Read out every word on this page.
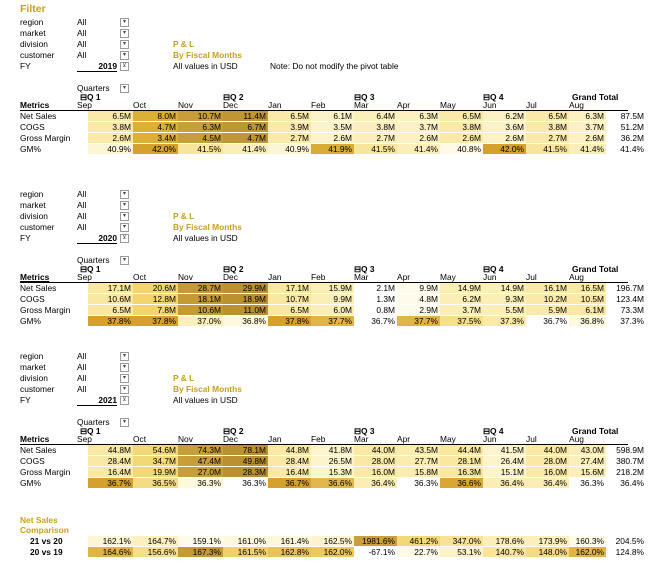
Filter
region	All	▾
market	All	▾
division	All	▾
customer	All	▾
FY	2019 ⊻
P & L
By Fiscal Months
All values in USD	Note: Do not modify the pivot table
Quarters	▾
⊟Q 1	⊟Q 2	⊟Q 3	⊟Q 4	Grand Total
Metrics	Sep	Oct	Nov	Dec	Jan	Feb	Mar	Apr	May	Jun	Jul	Aug
Net Sales	6.5M	8.0M	10.7M	11.4M	6.5M	6.1M	6.4M	6.3M	6.5M	6.2M	6.5M	6.3M	87.5M
COGS	3.8M	4.7M	6.3M	6.7M	3.9M	3.5M	3.8M	3.7M	3.8M	3.6M	3.8M	3.7M	51.2M
Gross Margin	2.6M	3.4M	4.5M	4.7M	2.7M	2.6M	2.7M	2.6M	2.6M	2.6M	2.7M	2.6M	36.2M
GM%	40.9%	42.0%	41.5%	41.4%	40.9%	41.9%	41.5%	41.4%	40.8%	42.0%	41.5%	41.4%	41.4%
region	All	▾
market	All	▾
division	All	▾
customer	All	▾
FY	2020 ⊻
P & L
By Fiscal Months
All values in USD
Quarters	▾
⊟Q 1	⊟Q 2	⊟Q 3	⊟Q 4	Grand Total
Metrics	Sep	Oct	Nov	Dec	Jan	Feb	Mar	Apr	May	Jun	Jul	Aug
Net Sales	17.1M	20.6M	28.7M	29.9M	17.1M	15.9M	2.1M	9.9M	14.9M	14.9M	16.1M	16.5M	196.7M
COGS	10.6M	12.8M	18.1M	18.9M	10.7M	9.9M	1.3M	4.8M	6.2M	9.3M	10.2M	10.5M	123.4M
Gross Margin	6.5M	7.8M	10.6M	11.0M	6.5M	6.0M	0.8M	2.9M	3.7M	5.5M	5.9M	6.1M	73.3M
GM%	37.8%	37.8%	37.0%	36.8%	37.8%	37.7%	36.7%	37.7%	37.5%	37.3%	36.7%	36.8%	37.3%
region	All	▾
market	All	▾
division	All	▾
customer	All	▾
FY	2021 ⊻
P & L
By Fiscal Months
All values in USD
Quarters	▾
⊟Q 1	⊟Q 2	⊟Q 3	⊟Q 4	Grand Total
Metrics	Sep	Oct	Nov	Dec	Jan	Feb	Mar	Apr	May	Jun	Jul	Aug
Net Sales	44.8M	54.6M	74.3M	78.1M	44.8M	41.8M	44.0M	43.5M	44.4M	41.5M	44.0M	43.0M	598.9M
COGS	28.4M	34.7M	47.4M	49.8M	28.4M	26.5M	28.0M	27.7M	28.1M	26.4M	28.0M	27.4M	380.7M
Gross Margin	16.4M	19.9M	27.0M	28.3M	16.4M	15.3M	16.0M	15.8M	16.3M	15.1M	16.0M	15.6M	218.2M
GM%	36.7%	36.5%	36.3%	36.3%	36.7%	36.6%	36.4%	36.3%	36.6%	36.4%	36.4%	36.3%	36.4%
Net Sales
Comparison
21 vs 20	162.1%	164.7%	159.1%	161.0%	161.4%	162.5%	1981.6%	461.2%	347.0%	178.6%	173.9%	160.3%	204.5%
20 vs 19	164.6%	156.6%	167.3%	161.5%	162.8%	162.0%	-67.1%	22.7%	53.1%	140.7%	148.0%	162.0%	124.8%
